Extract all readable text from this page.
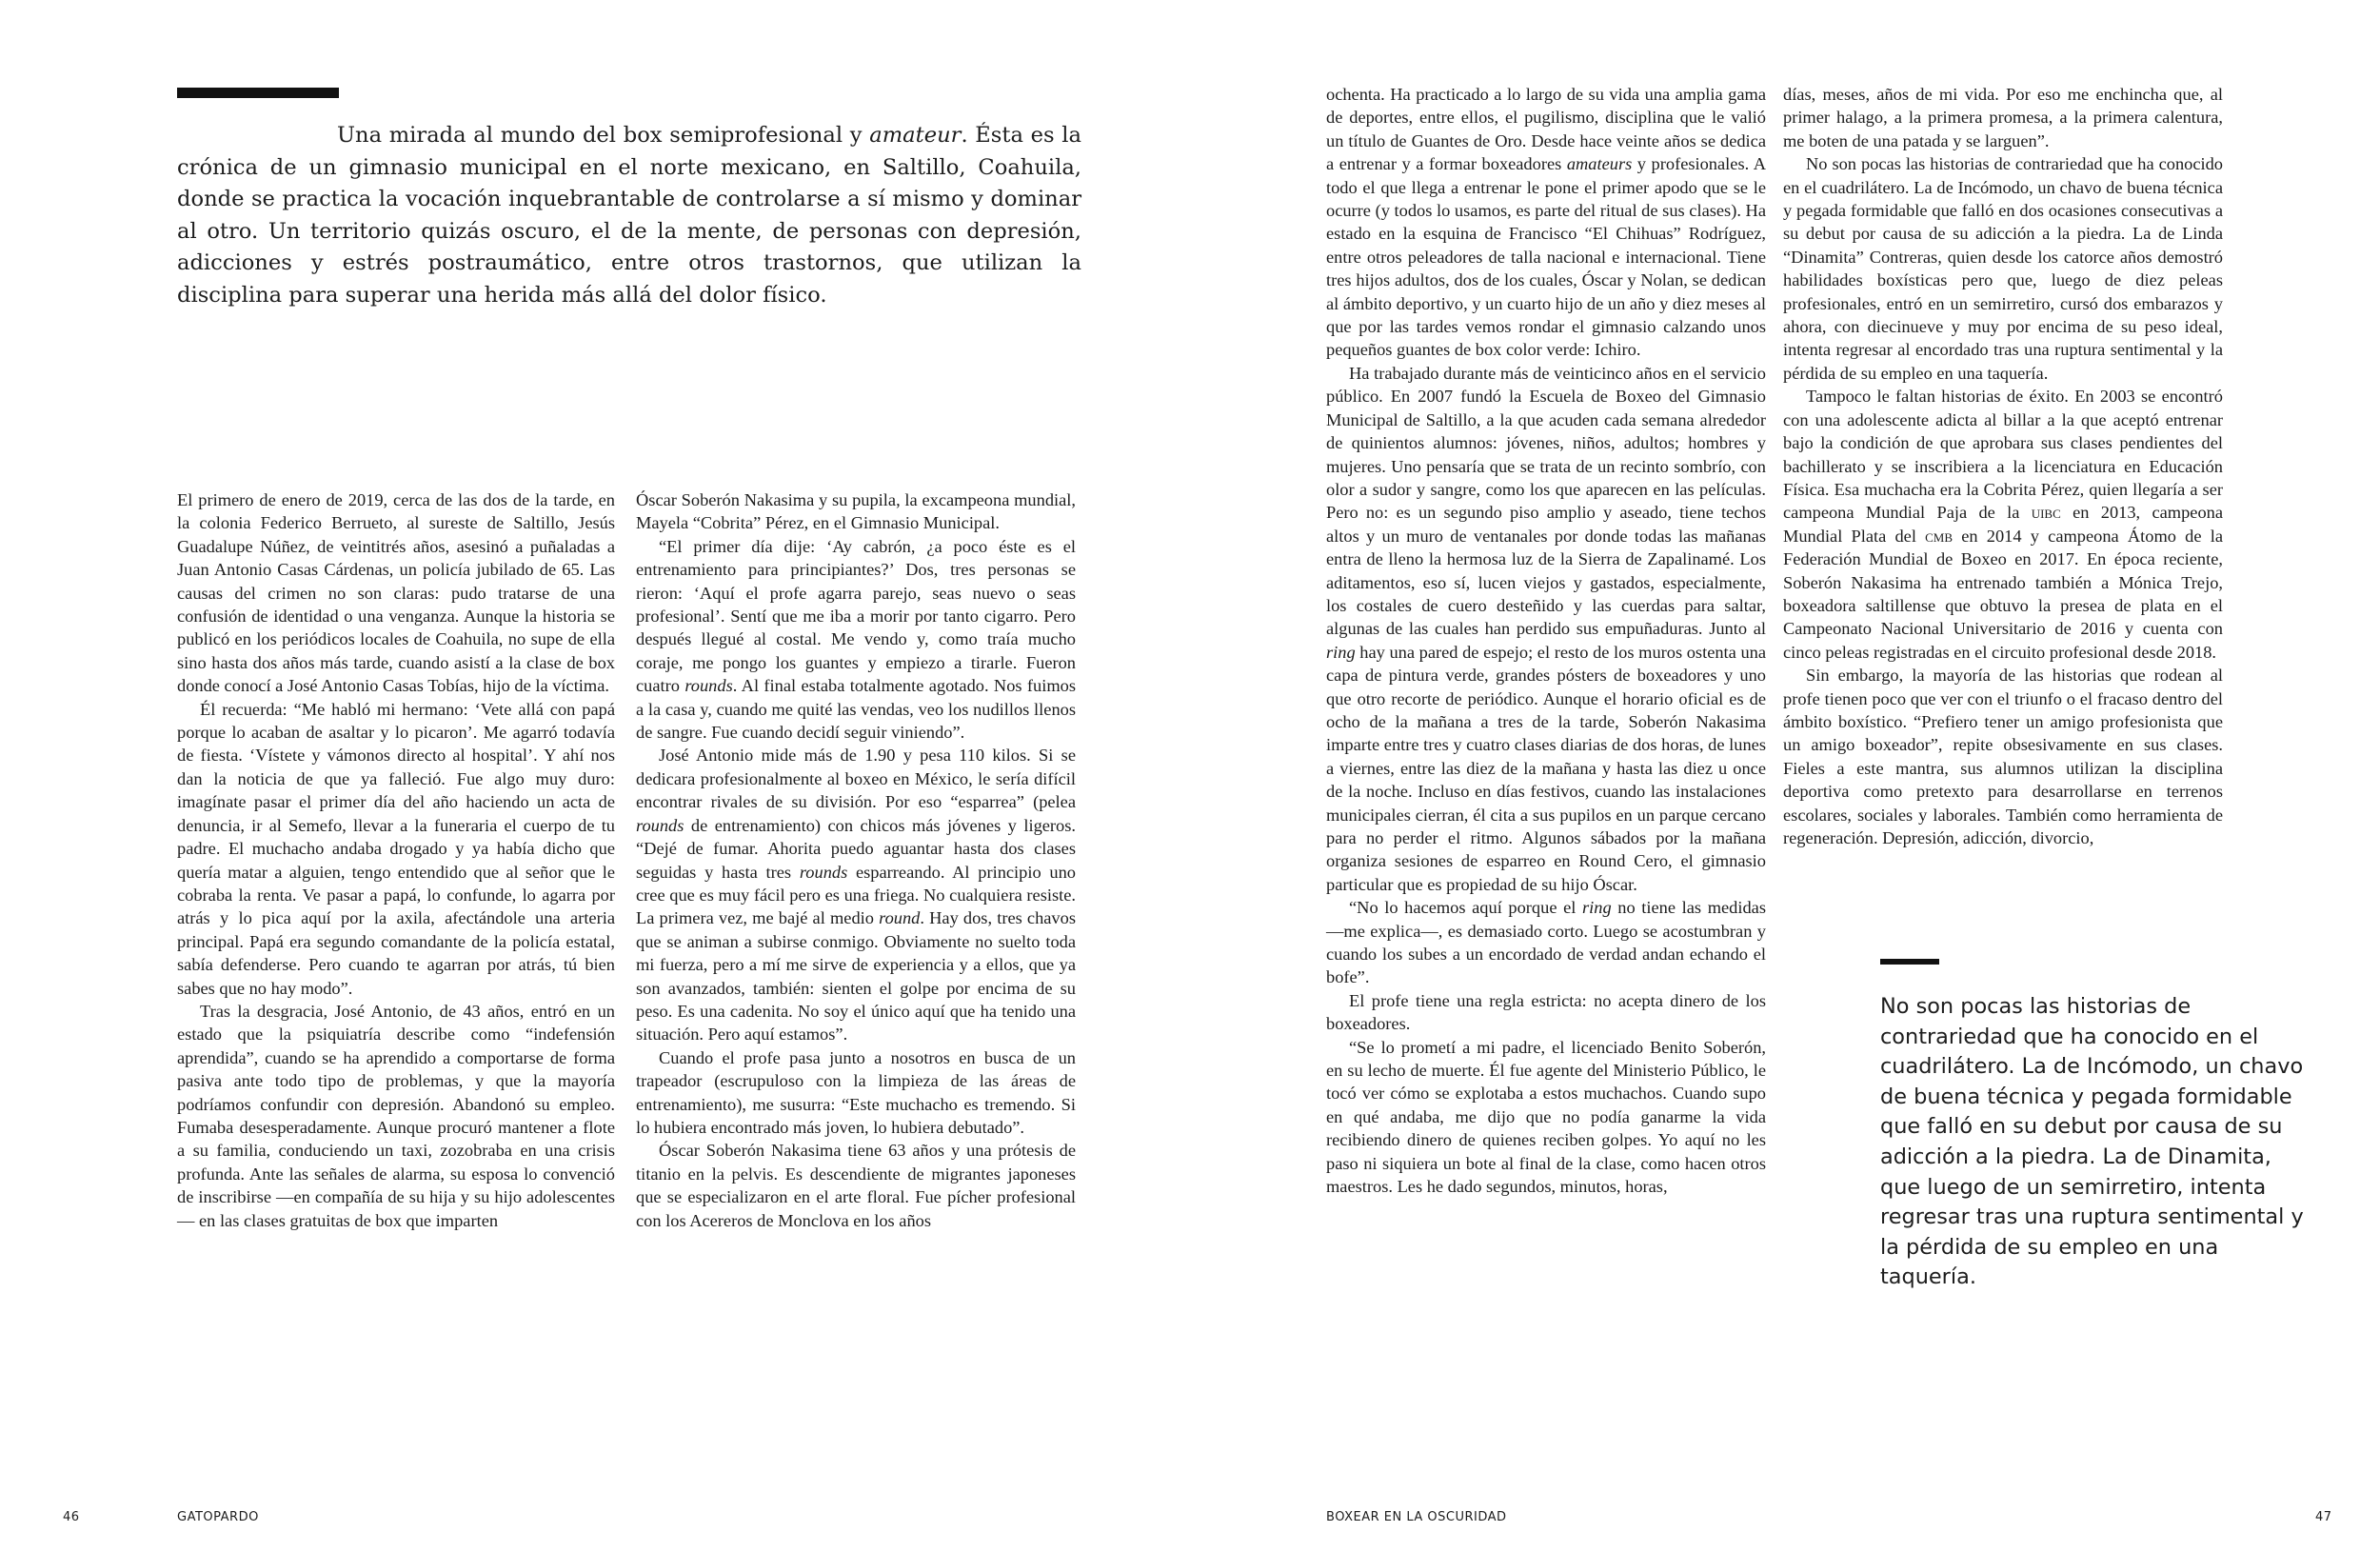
Una mirada al mundo del box semiprofesional y amateur. Ésta es la crónica de un gimnasio municipal en el norte mexicano, en Saltillo, Coahuila, donde se practica la vocación inquebrantable de controlarse a sí mismo y dominar al otro. Un territorio quizás oscuro, el de la mente, de personas con depresión, adicciones y estrés postraumático, entre otros trastornos, que utilizan la disciplina para superar una herida más allá del dolor físico.

El primero de enero de 2019, cerca de las dos de la tarde, en la colonia Federico Berrueto, al sureste de Saltillo, Jesús Guadalupe Núñez, de veintitrés años, asesinó a puñaladas a Juan Antonio Casas Cárdenas, un policía jubilado de 65. Las causas del crimen no son claras: pudo tratarse de una confusión de identidad o una venganza. Aunque la historia se publicó en los periódicos locales de Coahuila, no supe de ella sino hasta dos años más tarde, cuando asistí a la clase de box donde conocí a José Antonio Casas Tobías, hijo de la víctima.

Él recuerda: “Me habló mi hermano: ‘Vete allá con papá porque lo acaban de asaltar y lo picaron’. Me agarró todavía de fiesta. ‘Vístete y vámonos directo al hospital’. Y ahí nos dan la noticia de que ya falleció. Fue algo muy duro: imagínate pasar el primer día del año haciendo un acta de denuncia, ir al Semefo, llevar a la funeraria el cuerpo de tu padre. El muchacho andaba drogado y ya había dicho que quería matar a alguien, tengo entendido que al señor que le cobraba la renta. Ve pasar a papá, lo confunde, lo agarra por atrás y lo pica aquí por la axila, afectándole una arteria principal. Papá era segundo comandante de la policía estatal, sabía defenderse. Pero cuando te agarran por atrás, tú bien sabes que no hay modo”.

Tras la desgracia, José Antonio, de 43 años, entró en un estado que la psiquiatría describe como “indefensión aprendida”, cuando se ha aprendido a comportarse de forma pasiva ante todo tipo de problemas, y que la mayoría podríamos confundir con depresión. Abandonó su empleo. Fumaba desesperadamente. Aunque procuró mantener a flote a su familia, conduciendo un taxi, zozobraba en una crisis profunda. Ante las señales de alarma, su esposa lo convenció de inscribirse —en compañía de su hija y su hijo adolescentes— en las clases gratuitas de box que imparten

Óscar Soberón Nakasima y su pupila, la excampeona mundial, Mayela “Cobrita” Pérez, en el Gimnasio Municipal.

“El primer día dije: ‘Ay cabrón, ¿a poco éste es el entrenamiento para principiantes?’ Dos, tres personas se rieron: ‘Aquí el profe agarra parejo, seas nuevo o seas profesional’. Sentí que me iba a morir por tanto cigarro. Pero después llegué al costal. Me vendo y, como traía mucho coraje, me pongo los guantes y empiezo a tirarle. Fueron cuatro rounds. Al final estaba totalmente agotado. Nos fuimos a la casa y, cuando me quité las vendas, veo los nudillos llenos de sangre. Fue cuando decidí seguir viniendo”.

José Antonio mide más de 1.90 y pesa 110 kilos. Si se dedicara profesionalmente al boxeo en México, le sería difícil encontrar rivales de su división. Por eso “esparrea” (pelea rounds de entrenamiento) con chicos más jóvenes y ligeros. “Dejé de fumar. Ahorita puedo aguantar hasta dos clases seguidas y hasta tres rounds esparreando. Al principio uno cree que es muy fácil pero es una friega. No cualquiera resiste. La primera vez, me bajé al medio round. Hay dos, tres chavos que se animan a subirse conmigo. Obviamente no suelto toda mi fuerza, pero a mí me sirve de experiencia y a ellos, que ya son avanzados, también: sienten el golpe por encima de su peso. Es una cadenita. No soy el único aquí que ha tenido una situación. Pero aquí estamos”.

Cuando el profe pasa junto a nosotros en busca de un trapeador (escrupuloso con la limpieza de las áreas de entrenamiento), me susurra: “Este muchacho es tremendo. Si lo hubiera encontrado más joven, lo hubiera debutado”.

Óscar Soberón Nakasima tiene 63 años y una prótesis de titanio en la pelvis. Es descendiente de migrantes japoneses que se especializaron en el arte floral. Fue pícher profesional con los Acereros de Monclova en los años

46	GATOPARDO

ochenta. Ha practicado a lo largo de su vida una amplia gama de deportes, entre ellos, el pugilismo, disciplina que le valió un título de Guantes de Oro. Desde hace veinte años se dedica a entrenar y a formar boxeadores amateurs y profesionales. A todo el que llega a entrenar le pone el primer apodo que se le ocurre (y todos lo usamos, es parte del ritual de sus clases). Ha estado en la esquina de Francisco “El Chihuas” Rodríguez, entre otros peleadores de talla nacional e internacional. Tiene tres hijos adultos, dos de los cuales, Óscar y Nolan, se dedican al ámbito deportivo, y un cuarto hijo de un año y diez meses al que por las tardes vemos rondar el gimnasio calzando unos pequeños guantes de box color verde: Ichiro.

Ha trabajado durante más de veinticinco años en el servicio público. En 2007 fundó la Escuela de Boxeo del Gimnasio Municipal de Saltillo, a la que acuden cada semana alrededor de quinientos alumnos: jóvenes, niños, adultos; hombres y mujeres. Uno pensaría que se trata de un recinto sombrío, con olor a sudor y sangre, como los que aparecen en las películas. Pero no: es un segundo piso amplio y aseado, tiene techos altos y un muro de ventanales por donde todas las mañanas entra de lleno la hermosa luz de la Sierra de Zapalinamé. Los aditamentos, eso sí, lucen viejos y gastados, especialmente, los costales de cuero desteñido y las cuerdas para saltar, algunas de las cuales han perdido sus empuñaduras. Junto al ring hay una pared de espejo; el resto de los muros ostenta una capa de pintura verde, grandes pósters de boxeadores y uno que otro recorte de periódico. Aunque el horario oficial es de ocho de la mañana a tres de la tarde, Soberón Nakasima imparte entre tres y cuatro clases diarias de dos horas, de lunes a viernes, entre las diez de la mañana y hasta las diez u once de la noche. Incluso en días festivos, cuando las instalaciones municipales cierran, él cita a sus pupilos en un parque cercano para no perder el ritmo. Algunos sábados por la mañana organiza sesiones de esparreo en Round Cero, el gimnasio particular que es propiedad de su hijo Óscar.

“No lo hacemos aquí porque el ring no tiene las medidas —me explica—, es demasiado corto. Luego se acostumbran y cuando los subes a un encordado de verdad andan echando el bofe”.

El profe tiene una regla estricta: no acepta dinero de los boxeadores.

“Se lo prometí a mi padre, el licenciado Benito Soberón, en su lecho de muerte. Él fue agente del Ministerio Público, le tocó ver cómo se explotaba a estos muchachos. Cuando supo en qué andaba, me dijo que no podía ganarme la vida recibiendo dinero de quienes reciben golpes. Yo aquí no les paso ni siquiera un bote al final de la clase, como hacen otros maestros. Les he dado segundos, minutos, horas,

días, meses, años de mi vida. Por eso me enchincha que, al primer halago, a la primera promesa, a la primera calentura, me boten de una patada y se larguen”.

No son pocas las historias de contrariedad que ha conocido en el cuadrilátero. La de Incómodo, un chavo de buena técnica y pegada formidable que falló en dos ocasiones consecutivas a su debut por causa de su adicción a la piedra. La de Linda “Dinamita” Contreras, quien desde los catorce años demostró habilidades boxísticas pero que, luego de diez peleas profesionales, entró en un semirretiro, cursó dos embarazos y ahora, con diecinueve y muy por encima de su peso ideal, intenta regresar al encordado tras una ruptura sentimental y la pérdida de su empleo en una taquería.

Tampoco le faltan historias de éxito. En 2003 se encontró con una adolescente adicta al billar a la que aceptó entrenar bajo la condición de que aprobara sus clases pendientes del bachillerato y se inscribiera a la licenciatura en Educación Física. Esa muchacha era la Cobrita Pérez, quien llegaría a ser campeona Mundial Paja de la uibc en 2013, campeona Mundial Plata del cmb en 2014 y campeona Átomo de la Federación Mundial de Boxeo en 2017. En época reciente, Soberón Nakasima ha entrenado también a Mónica Trejo, boxeadora saltillense que obtuvo la presea de plata en el Campeonato Nacional Universitario de 2016 y cuenta con cinco peleas registradas en el circuito profesional desde 2018.

Sin embargo, la mayoría de las historias que rodean al profe tienen poco que ver con el triunfo o el fracaso dentro del ámbito boxístico. “Prefiero tener un amigo profesionista que un amigo boxeador”, repite obsesivamente en sus clases. Fieles a este mantra, sus alumnos utilizan la disciplina deportiva como pretexto para desarrollarse en terrenos escolares, sociales y laborales. También como herramienta de regeneración. Depresión, adicción, divorcio,

No son pocas las historias de contrariedad que ha conocido en el cuadrilátero. La de Incómodo, un chavo de buena técnica y pegada formidable que falló en su debut por causa de su adicción a la piedra. La de Dinamita, que luego de un semirretiro, intenta regresar tras una ruptura sentimental y la pérdida de su empleo en una taquería.

BOXEAR EN LA OSCURIDAD	47
